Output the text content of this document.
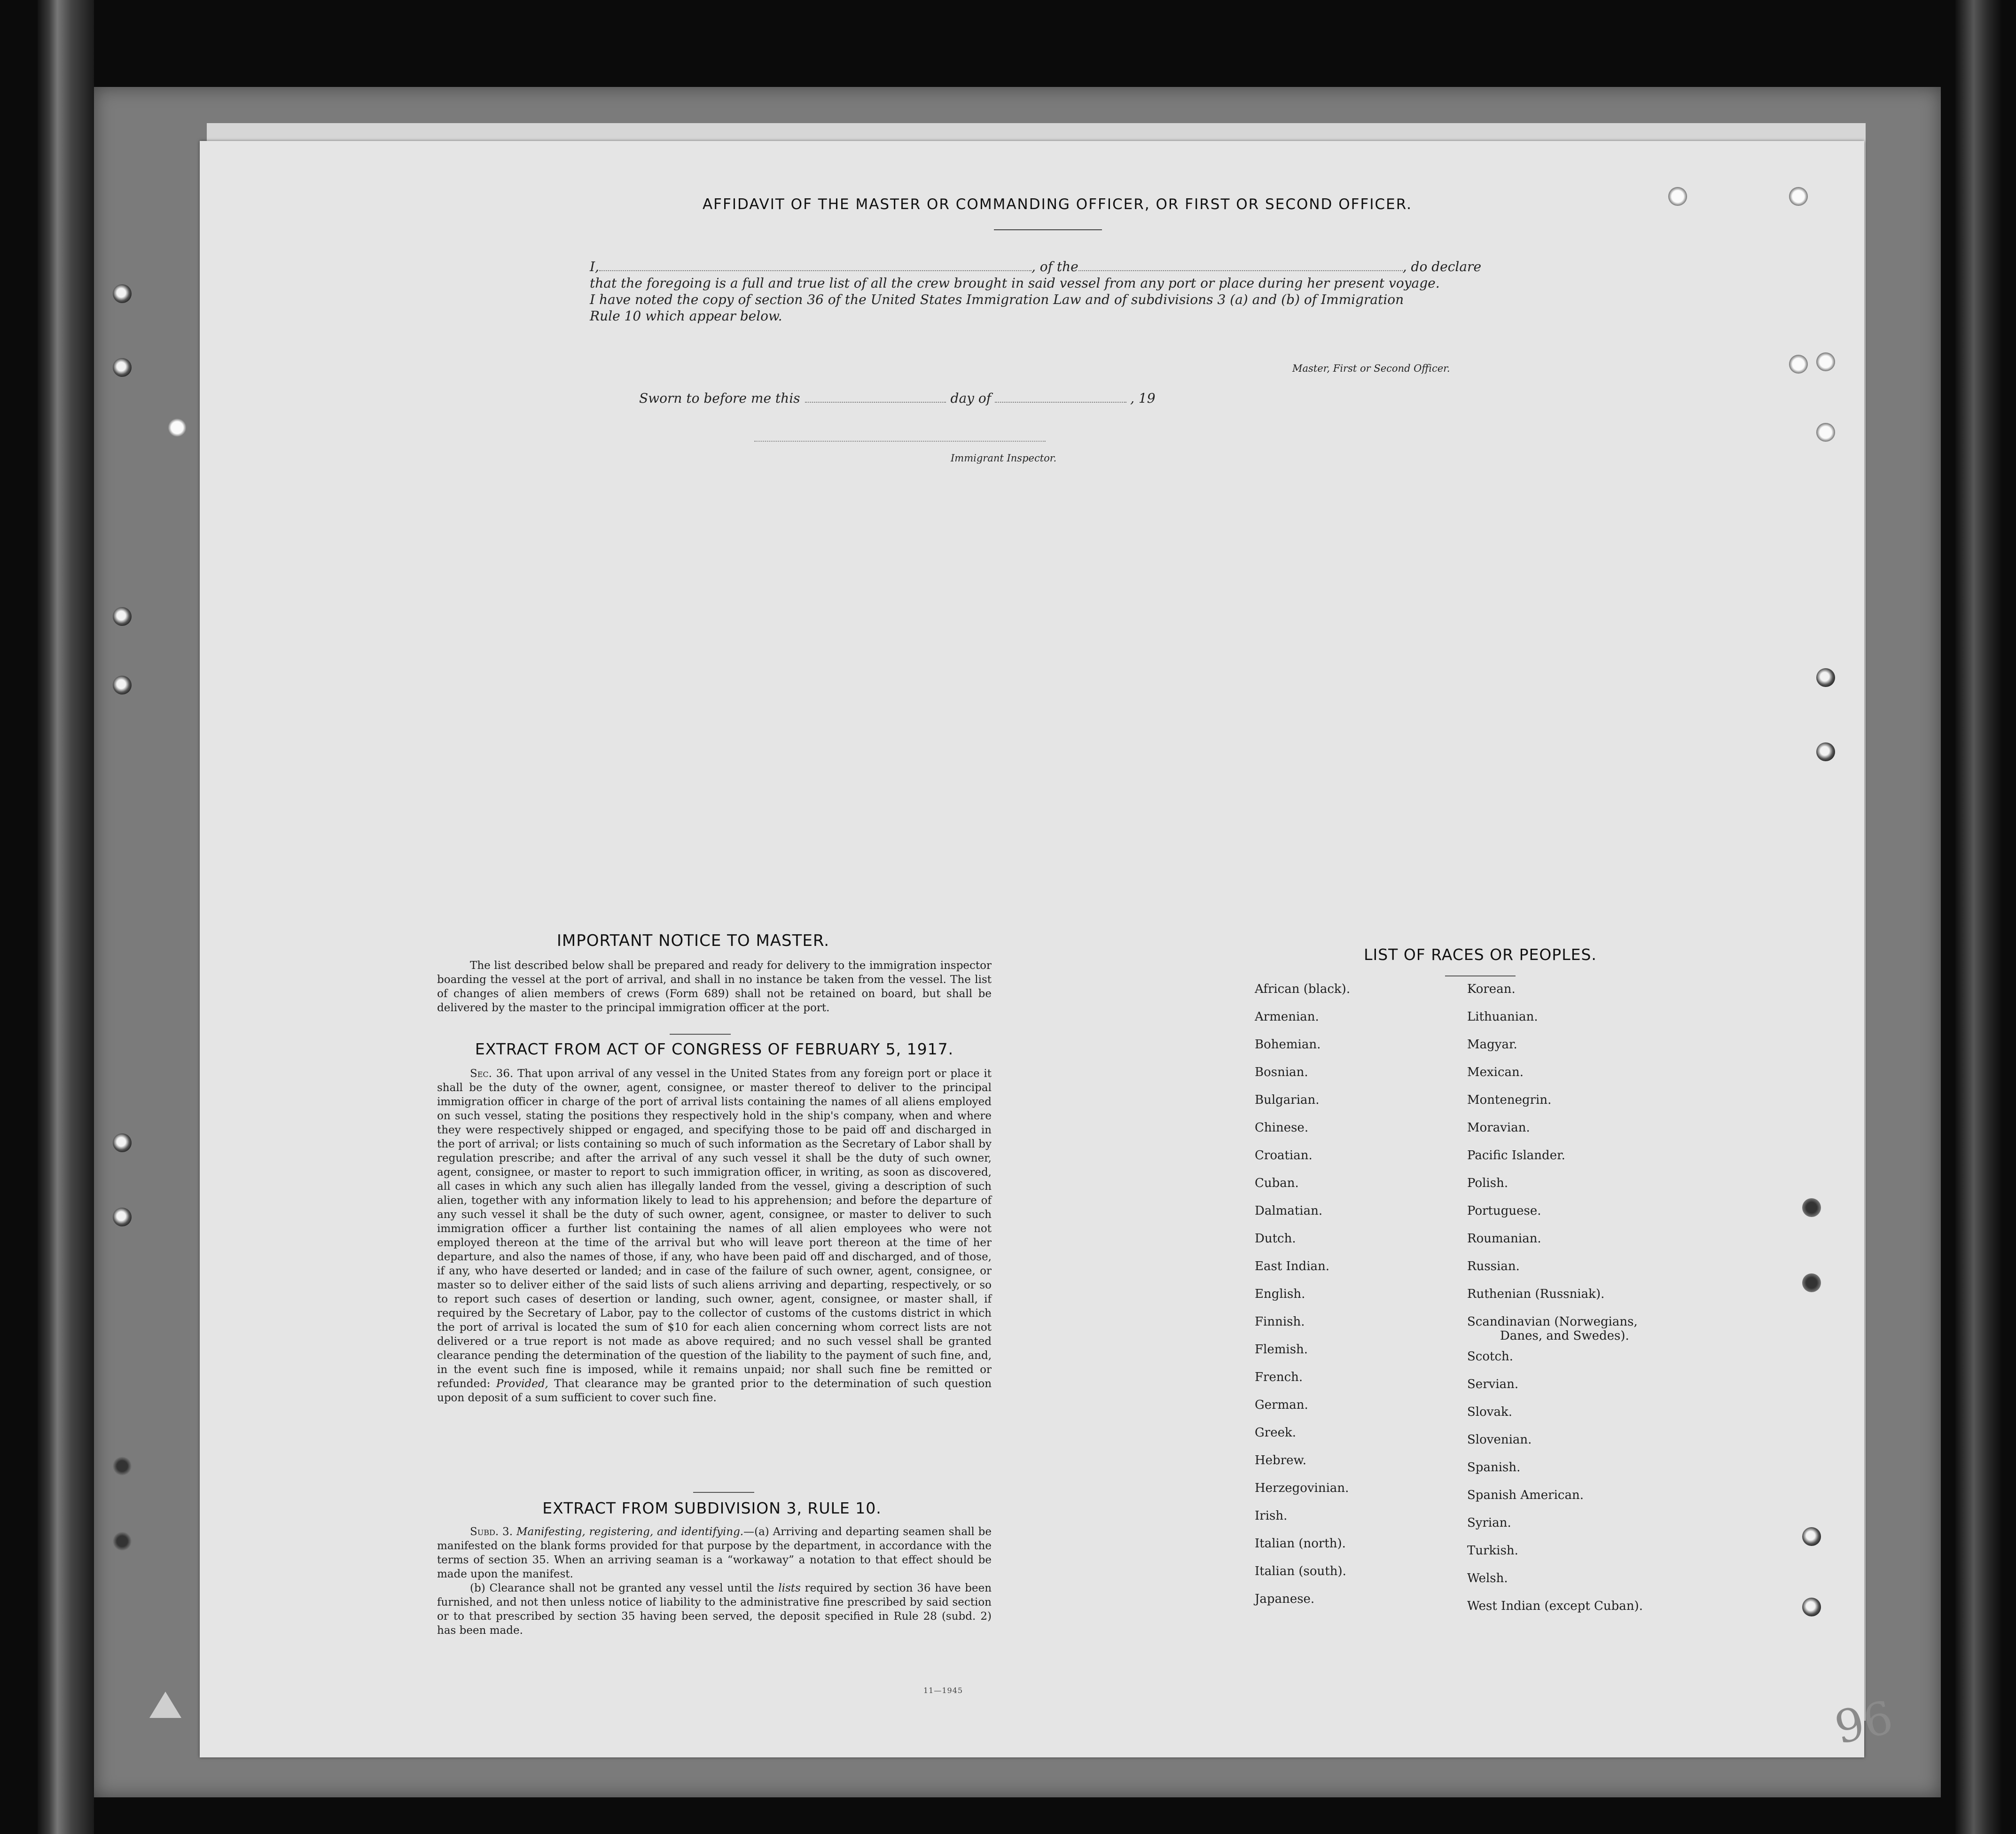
AFFIDAVIT OF THE MASTER OR COMMANDING OFFICER, OR FIRST OR SECOND OFFICER.
I,	, of the	, do declare
that the foregoing is a full and true list of all the crew brought in said vessel from any port or place during her present voyage.
I have noted the copy of section 36 of the United States Immigration Law and of subdivisions 3 (a) and (b) of Immigration
Rule 10 which appear below.
Master, First or Second Officer.
Sworn to before me this	day of	, 19
Immigrant Inspector.
IMPORTANT NOTICE TO MASTER.

The list described below shall be prepared and ready for delivery to the immigration inspector boarding the vessel at the port of arrival, and shall in no instance be taken from the vessel. The list of changes of alien members of crews (Form 689) shall not be retained on board, but shall be delivered by the master to the principal immigration officer at the port.

EXTRACT FROM ACT OF CONGRESS OF FEBRUARY 5, 1917.

Sec. 36. That upon arrival of any vessel in the United States from any foreign port or place it shall be the duty of the owner, agent, consignee, or master thereof to deliver to the principal immigration officer in charge of the port of arrival lists containing the names of all aliens employed on such vessel, stating the positions they respectively hold in the ship's company, when and where they were respectively shipped or engaged, and specifying those to be paid off and discharged in the port of arrival; or lists containing so much of such information as the Secretary of Labor shall by regulation prescribe; and after the arrival of any such vessel it shall be the duty of such owner, agent, consignee, or master to report to such immigration officer, in writing, as soon as discovered, all cases in which any such alien has illegally landed from the vessel, giving a description of such alien, together with any information likely to lead to his apprehension; and before the departure of any such vessel it shall be the duty of such owner, agent, consignee, or master to deliver to such immigration officer a further list containing the names of all alien employees who were not employed thereon at the time of the arrival but who will leave port thereon at the time of her departure, and also the names of those, if any, who have been paid off and discharged, and of those, if any, who have deserted or landed; and in case of the failure of such owner, agent, consignee, or master so to deliver either of the said lists of such aliens arriving and departing, respectively, or so to report such cases of desertion or landing, such owner, agent, consignee, or master shall, if required by the Secretary of Labor, pay to the collector of customs of the customs district in which the port of arrival is located the sum of $10 for each alien concerning whom correct lists are not delivered or a true report is not made as above required; and no such vessel shall be granted clearance pending the determination of the question of the liability to the payment of such fine, and, in the event such fine is imposed, while it remains unpaid; nor shall such fine be remitted or refunded: Provided, That clearance may be granted prior to the determination of such question upon deposit of a sum sufficient to cover such fine.

EXTRACT FROM SUBDIVISION 3, RULE 10.

Subd. 3. Manifesting, registering, and identifying.—(a) Arriving and departing seamen shall be manifested on the blank forms provided for that purpose by the department, in accordance with the terms of section 35. When an arriving seaman is a “workaway” a notation to that effect should be made upon the manifest.

(b) Clearance shall not be granted any vessel until the lists required by section 36 have been furnished, and not then unless notice of liability to the administrative fine prescribed by said section or to that prescribed by section 35 having been served, the deposit specified in Rule 28 (subd. 2) has been made.

11—1945
LIST OF RACES OR PEOPLES.
African (black).
Armenian.
Bohemian.
Bosnian.
Bulgarian.
Chinese.
Croatian.
Cuban.
Dalmatian.
Dutch.
East Indian.
English.
Finnish.
Flemish.
French.
German.
Greek.
Hebrew.
Herzegovinian.
Irish.
Italian (north).
Italian (south).
Japanese.
Korean.
Lithuanian.
Magyar.
Mexican.
Montenegrin.
Moravian.
Pacific Islander.
Polish.
Portuguese.
Roumanian.
Russian.
Ruthenian (Russniak).
Scandinavian (Norwegians,
Danes, and Swedes).
Scotch.
Servian.
Slovak.
Slovenian.
Spanish.
Spanish American.
Syrian.
Turkish.
Welsh.
West Indian (except Cuban).
96
